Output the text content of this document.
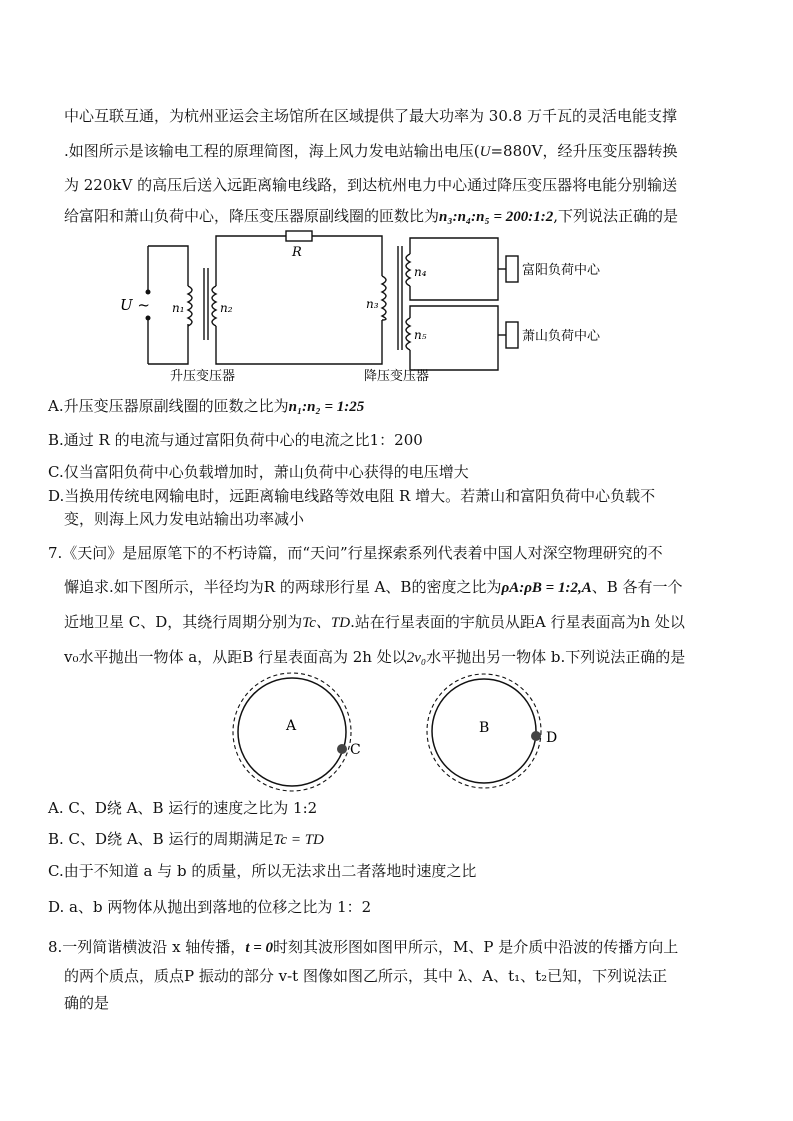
中心互联互通，为杭州亚运会主场馆所在区域提供了最大功率为 30.8 万千瓦的灵活电能支撑
.如图所示是该输电工程的原理简图，海上风力发电站输出电压(U=880V，经升压变压器转换
为 220kV 的高压后送入远距离输电线路，到达杭州电力中心通过降压变压器将电能分别输送
给富阳和萧山负荷中心，降压变压器原副线圈的匝数比为n₃:n₄:n₅ = 200:1:2,下列说法正确的是
U ~ n₁	n₂	n₃
n₄
n₅
R
升压变压器	降压变压器
富阳负荷中心
萧山负荷中心
A.升压变压器原副线圈的匝数之比为n₁:n₂ = 1:25
B.通过 R 的电流与通过富阳负荷中心的电流之比1：200
C.仅当富阳负荷中心负载增加时，萧山负荷中心获得的电压增大
D.当换用传统电网输电时，远距离输电线路等效电阻 R 增大。若萧山和富阳负荷中心负载不
变，则海上风力发电站输出功率减小
7.《天问》是屈原笔下的不朽诗篇，而“天问”行星探索系列代表着中国人对深空物理研究的不
懈追求.如下图所示，半径均为R 的两球形行星 A、B的密度之比为ρA:ρB = 1:2,A、B 各有一个
近地卫星 C、D，其绕行周期分别为Tc、TD.站在行星表面的宇航员从距A 行星表面高为h 处以
v₀水平抛出一物体 a，从距B 行星表面高为 2h 处以2v₀水平抛出另一物体 b.下列说法正确的是
A
C
B
D
A. C、D绕 A、B 运行的速度之比为 1:2
B. C、D绕 A、B 运行的周期满足Tc = TD
C.由于不知道 a 与 b 的质量，所以无法求出二者落地时速度之比
D. a、b 两物体从抛出到落地的位移之比为 1：2
8.一列简谐横波沿 x 轴传播，t = 0时刻其波形图如图甲所示，M、P 是介质中沿波的传播方向上
的两个质点，质点P 振动的部分 v-t 图像如图乙所示，其中 λ、A、t₁、t₂已知，下列说法正
确的是
